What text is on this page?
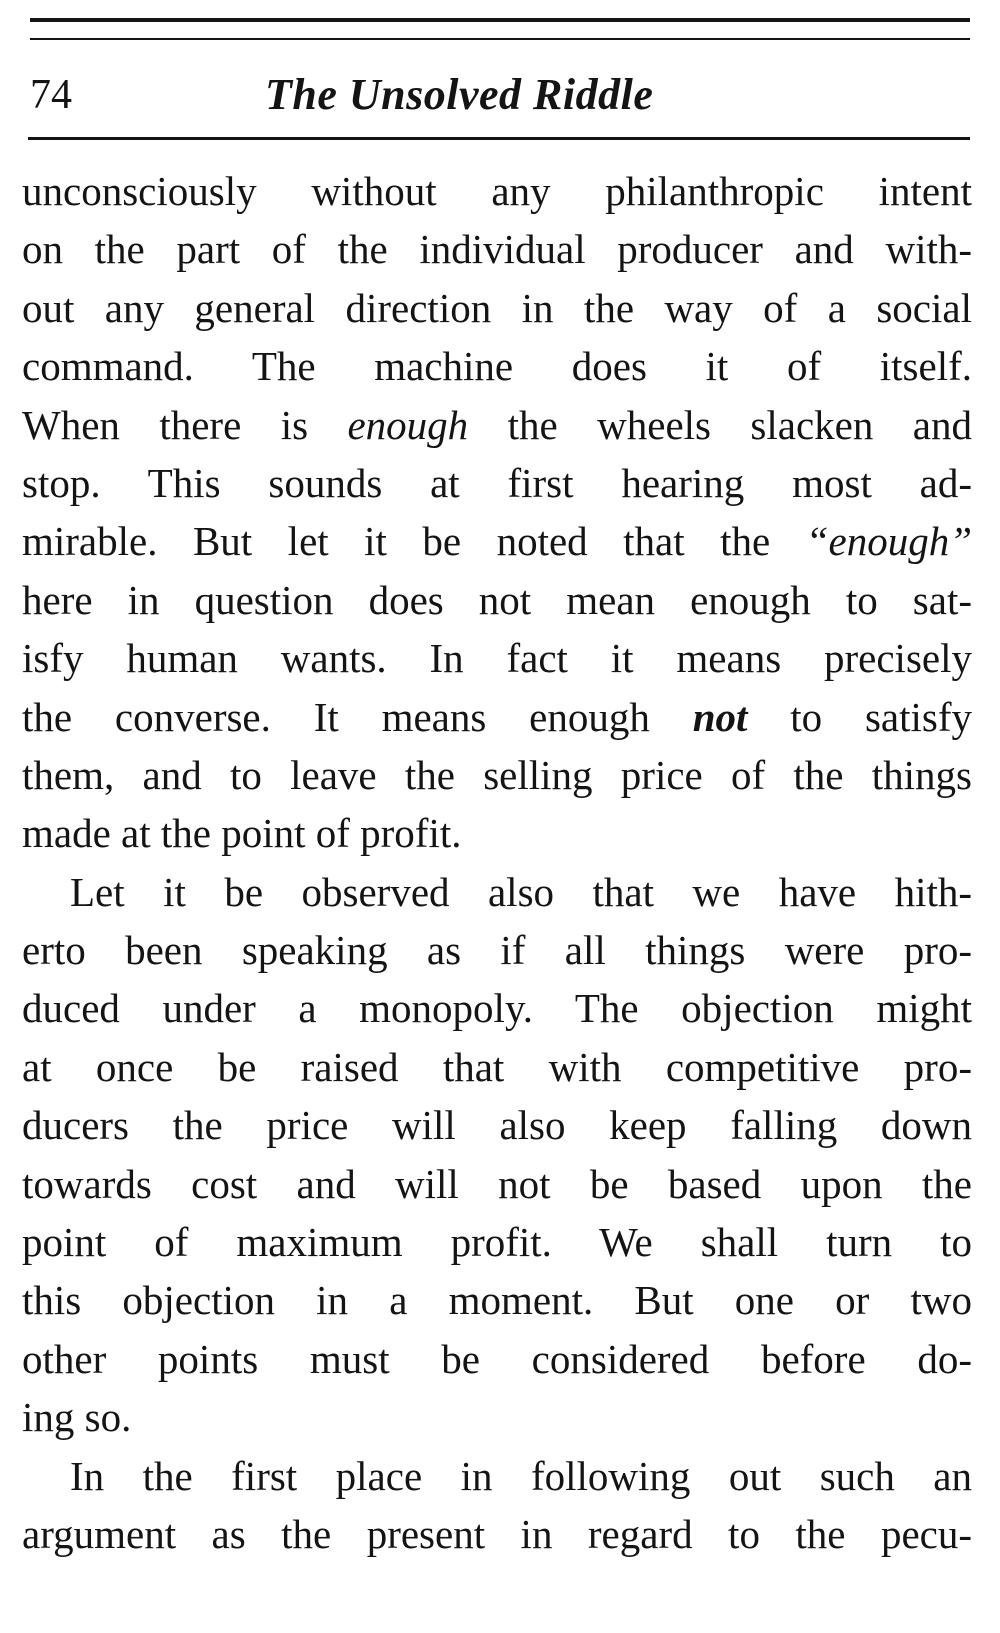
74	The Unsolved Riddle
unconsciously without any philanthropic intent
on the part of the individual producer and with-
out any general direction in the way of a social
command. The machine does it of itself.
When there is enough the wheels slacken and
stop. This sounds at first hearing most ad-
mirable. But let it be noted that the “enough”
here in question does not mean enough to sat-
isfy human wants. In fact it means precisely
the converse. It means enough not to satisfy
them, and to leave the selling price of the things
made at the point of profit.
Let it be observed also that we have hith-
erto been speaking as if all things were pro-
duced under a monopoly. The objection might
at once be raised that with competitive pro-
ducers the price will also keep falling down
towards cost and will not be based upon the
point of maximum profit. We shall turn to
this objection in a moment. But one or two
other points must be considered before do-
ing so.
In the first place in following out such an
argument as the present in regard to the pecu-
